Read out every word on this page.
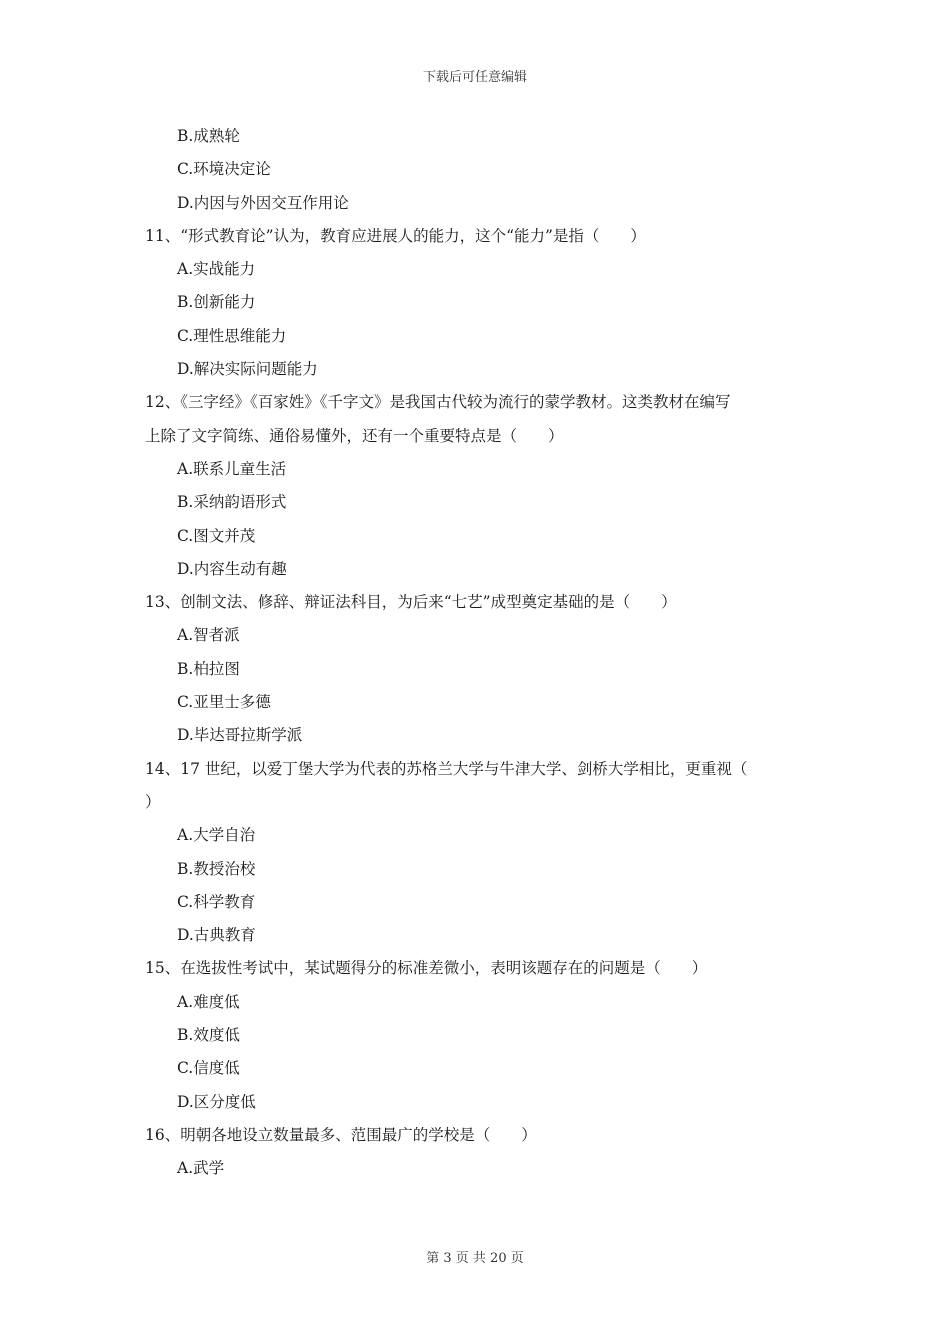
下载后可任意编辑
B.成熟轮
C.环境决定论
D.内因与外因交互作用论
11、“形式教育论”认为，教育应进展人的能力，这个“能力”是指（　　）
A.实战能力
B.创新能力
C.理性思维能力
D.解决实际问题能力
12、《三字经》《百家姓》《千字文》是我国古代较为流行的蒙学教材。这类教材在编写
上除了文字简练、通俗易懂外，还有一个重要特点是（　　）
A.联系儿童生活
B.采纳韵语形式
C.图文并茂
D.内容生动有趣
13、创制文法、修辞、辩证法科目，为后来“七艺”成型奠定基础的是（　　）
A.智者派
B.柏拉图
C.亚里士多德
D.毕达哥拉斯学派
14、17 世纪，以爱丁堡大学为代表的苏格兰大学与牛津大学、剑桥大学相比，更重视（
）
A.大学自治
B.教授治校
C.科学教育
D.古典教育
15、在选拔性考试中，某试题得分的标准差微小，表明该题存在的问题是（　　）
A.难度低
B.效度低
C.信度低
D.区分度低
16、明朝各地设立数量最多、范围最广的学校是（　　）
A.武学
第 3 页 共 20 页
